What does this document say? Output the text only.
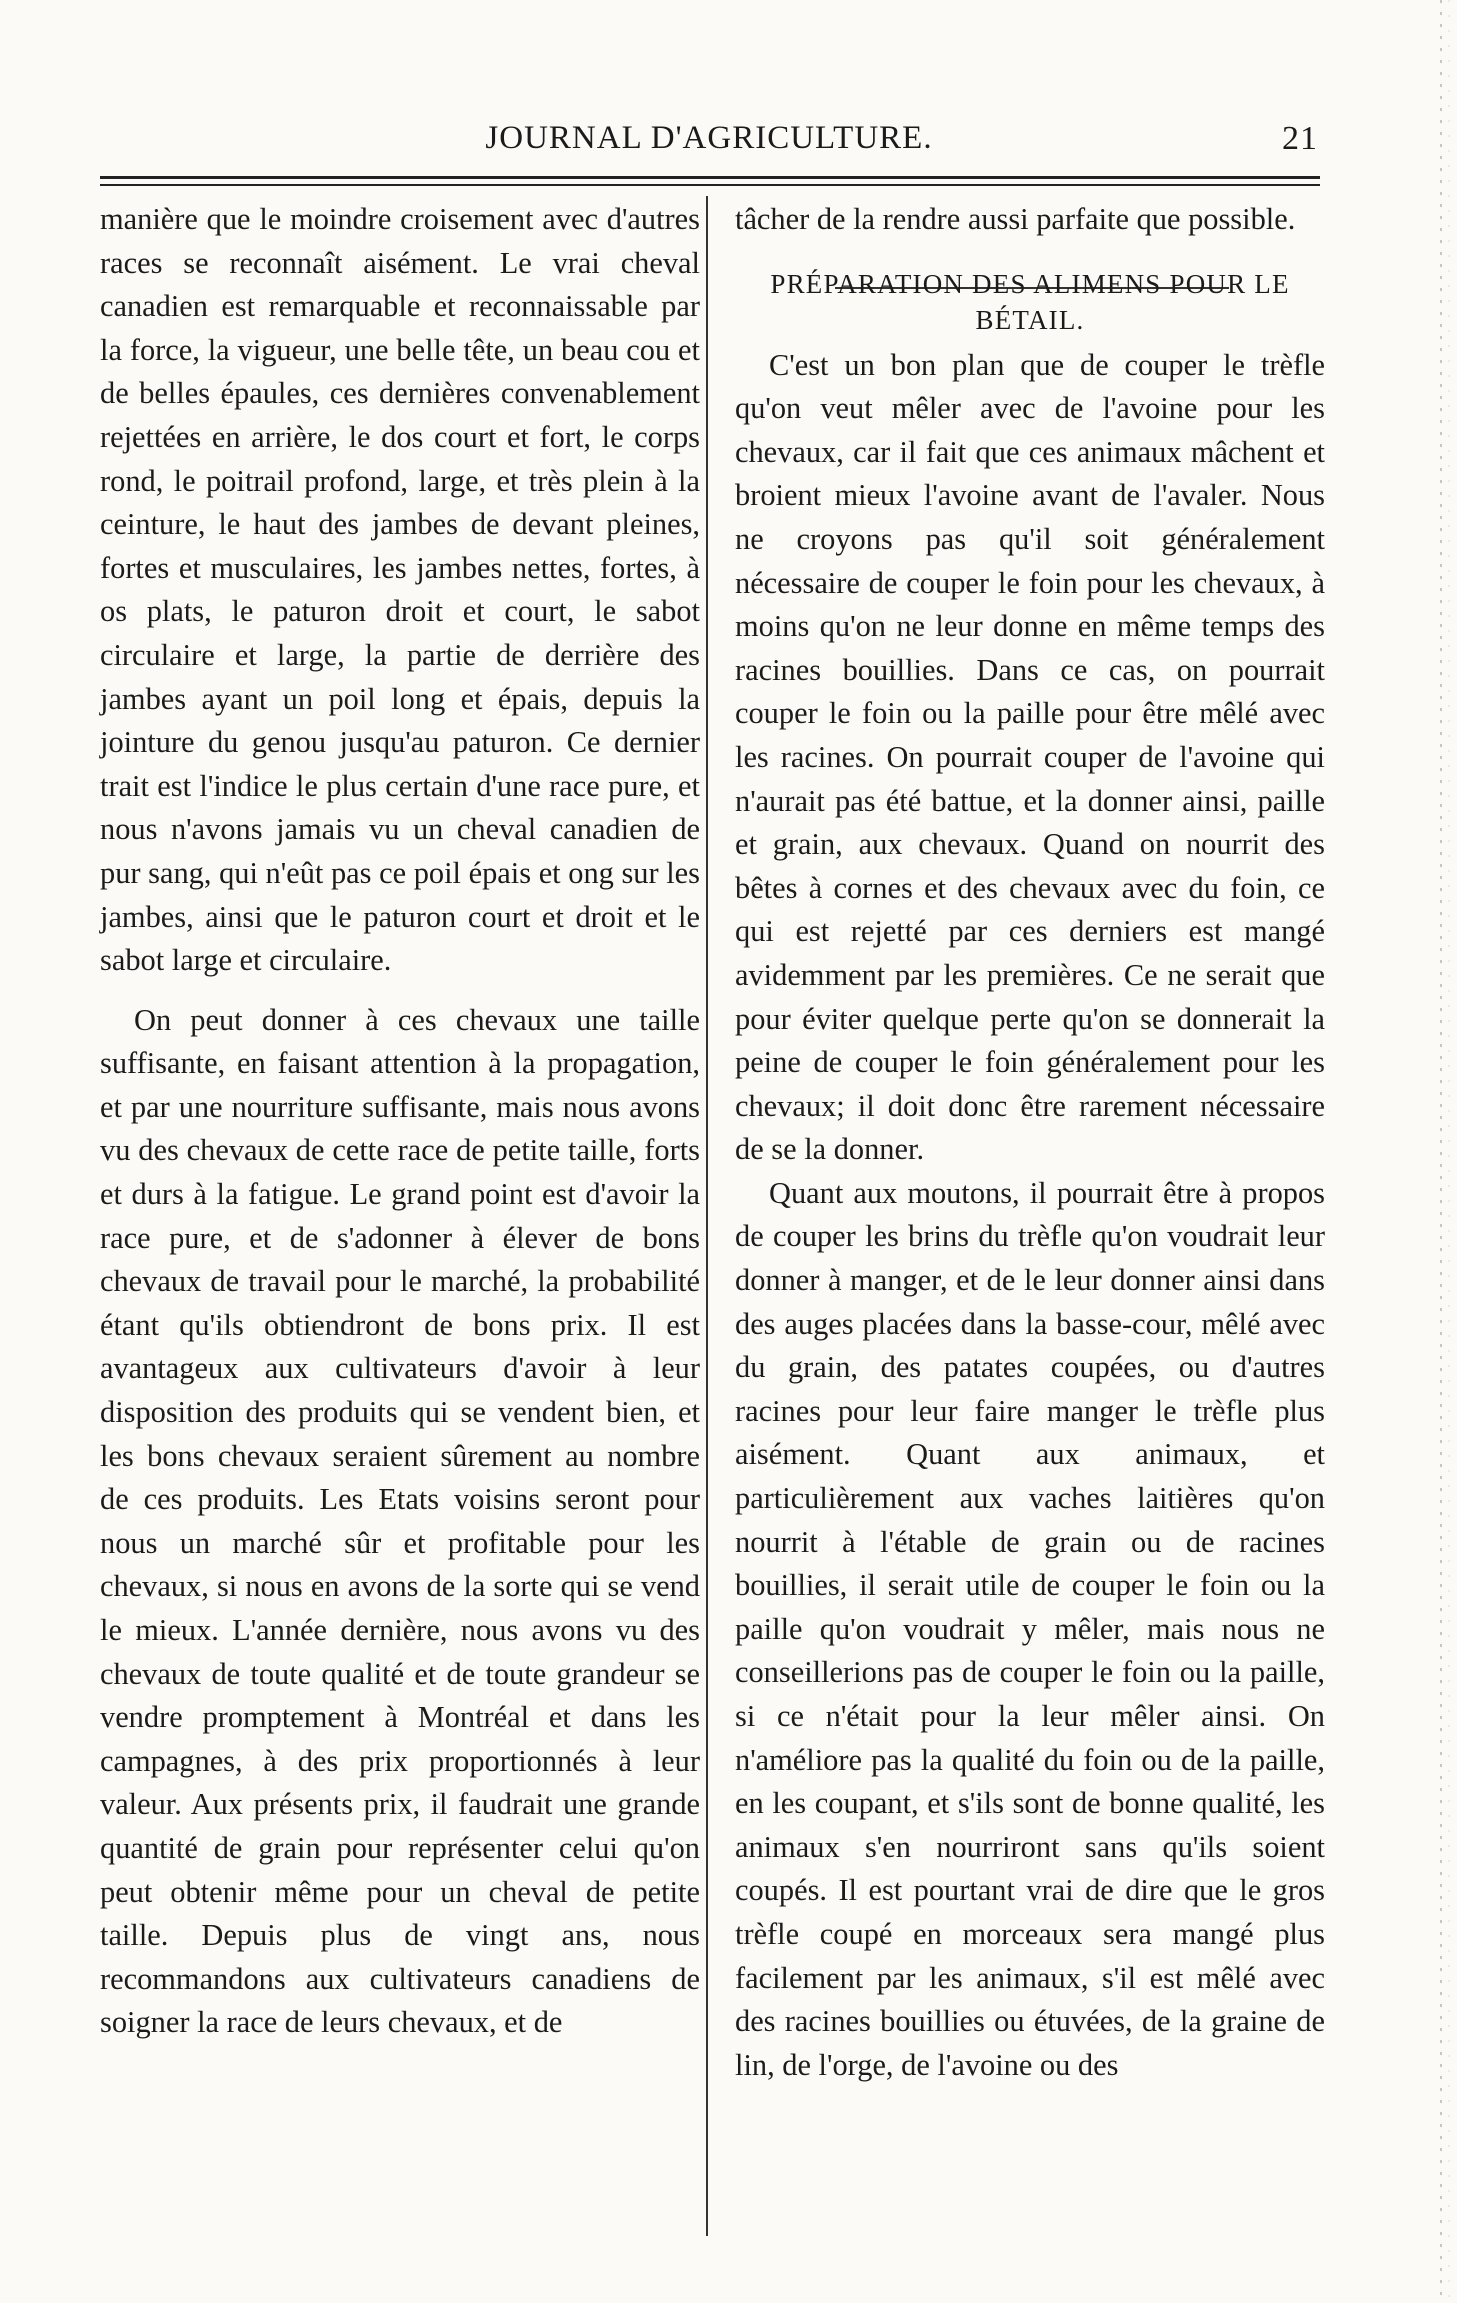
JOURNAL D'AGRICULTURE.	21

manière que le moindre croisement avec d'autres races se reconnaît aisément. Le vrai cheval canadien est remarquable et reconnaissable par la force, la vigueur, une belle tête, un beau cou et de belles épaules, ces dernières convenablement rejettées en arrière, le dos court et fort, le corps rond, le poitrail profond, large, et très plein à la ceinture, le haut des jambes de devant pleines, fortes et musculaires, les jambes nettes, fortes, à os plats, le paturon droit et court, le sabot circulaire et large, la partie de derrière des jambes ayant un poil long et épais, depuis la jointure du genou jusqu'au paturon. Ce dernier trait est l'indice le plus certain d'une race pure, et nous n'avons jamais vu un cheval canadien de pur sang, qui n'eût pas ce poil épais et ong sur les jambes, ainsi que le paturon court et droit et le sabot large et circulaire.

On peut donner à ces chevaux une taille suffisante, en faisant attention à la propagation, et par une nourriture suffisante, mais nous avons vu des chevaux de cette race de petite taille, forts et durs à la fatigue. Le grand point est d'avoir la race pure, et de s'adonner à élever de bons chevaux de travail pour le marché, la probabilité étant qu'ils obtiendront de bons prix. Il est avantageux aux cultivateurs d'avoir à leur disposition des produits qui se vendent bien, et les bons chevaux seraient sûrement au nombre de ces produits. Les Etats voisins seront pour nous un marché sûr et profitable pour les chevaux, si nous en avons de la sorte qui se vend le mieux. L'année dernière, nous avons vu des chevaux de toute qualité et de toute grandeur se vendre promptement à Montréal et dans les campagnes, à des prix proportionnés à leur valeur. Aux présents prix, il faudrait une grande quantité de grain pour représenter celui qu'on peut obtenir même pour un cheval de petite taille. Depuis plus de vingt ans, nous recommandons aux cultivateurs canadiens de soigner la race de leurs chevaux, et de

tâcher de la rendre aussi parfaite que possible.

PRÉPARATION DES ALIMENS POUR LE BÉTAIL.

C'est un bon plan que de couper le trèfle qu'on veut mêler avec de l'avoine pour les chevaux, car il fait que ces animaux mâchent et broient mieux l'avoine avant de l'avaler. Nous ne croyons pas qu'il soit généralement nécessaire de couper le foin pour les chevaux, à moins qu'on ne leur donne en même temps des racines bouillies. Dans ce cas, on pourrait couper le foin ou la paille pour être mêlé avec les racines. On pourrait couper de l'avoine qui n'aurait pas été battue, et la donner ainsi, paille et grain, aux chevaux. Quand on nourrit des bêtes à cornes et des chevaux avec du foin, ce qui est rejetté par ces derniers est mangé avidemment par les premières. Ce ne serait que pour éviter quelque perte qu'on se donnerait la peine de couper le foin généralement pour les chevaux; il doit donc être rarement nécessaire de se la donner.

Quant aux moutons, il pourrait être à propos de couper les brins du trèfle qu'on voudrait leur donner à manger, et de le leur donner ainsi dans des auges placées dans la basse-cour, mêlé avec du grain, des patates coupées, ou d'autres racines pour leur faire manger le trèfle plus aisément. Quant aux animaux, et particulièrement aux vaches laitières qu'on nourrit à l'étable de grain ou de racines bouillies, il serait utile de couper le foin ou la paille qu'on voudrait y mêler, mais nous ne conseillerions pas de couper le foin ou la paille, si ce n'était pour la leur mêler ainsi. On n'améliore pas la qualité du foin ou de la paille, en les coupant, et s'ils sont de bonne qualité, les animaux s'en nourriront sans qu'ils soient coupés. Il est pourtant vrai de dire que le gros trèfle coupé en morceaux sera mangé plus facilement par les animaux, s'il est mêlé avec des racines bouillies ou étuvées, de la graine de lin, de l'orge, de l'avoine ou des
